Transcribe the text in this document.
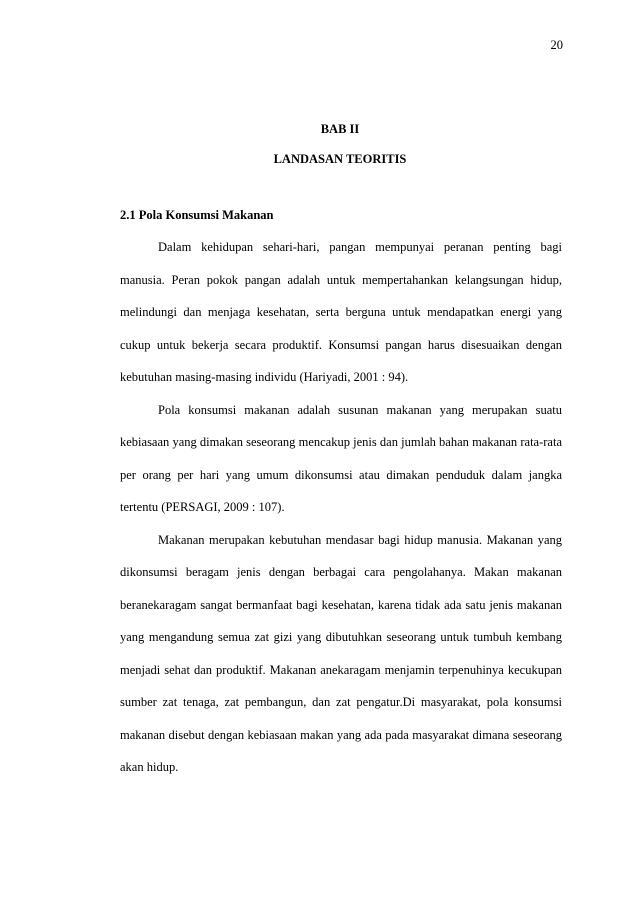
20
BAB II
LANDASAN TEORITIS
2.1 Pola Konsumsi Makanan

Dalam kehidupan sehari-hari, pangan mempunyai peranan penting bagi manusia. Peran pokok pangan adalah untuk mempertahankan kelangsungan hidup, melindungi dan menjaga kesehatan, serta berguna untuk mendapatkan energi yang cukup untuk bekerja secara produktif. Konsumsi pangan harus disesuaikan dengan kebutuhan masing-masing individu (Hariyadi, 2001 : 94).

Pola konsumsi makanan adalah susunan makanan yang merupakan suatu kebiasaan yang dimakan seseorang mencakup jenis dan jumlah bahan makanan rata-rata per orang per hari yang umum dikonsumsi atau dimakan penduduk dalam jangka tertentu (PERSAGI, 2009 : 107).

Makanan merupakan kebutuhan mendasar bagi hidup manusia. Makanan yang dikonsumsi beragam jenis dengan berbagai cara pengolahanya. Makan makanan beranekaragam sangat bermanfaat bagi kesehatan, karena tidak ada satu jenis makanan yang mengandung semua zat gizi yang dibutuhkan seseorang untuk tumbuh kembang menjadi sehat dan produktif. Makanan anekaragam menjamin terpenuhinya kecukupan sumber zat tenaga, zat pembangun, dan zat pengatur.Di masyarakat, pola konsumsi makanan disebut dengan kebiasaan makan yang ada pada masyarakat dimana seseorang akan hidup.
